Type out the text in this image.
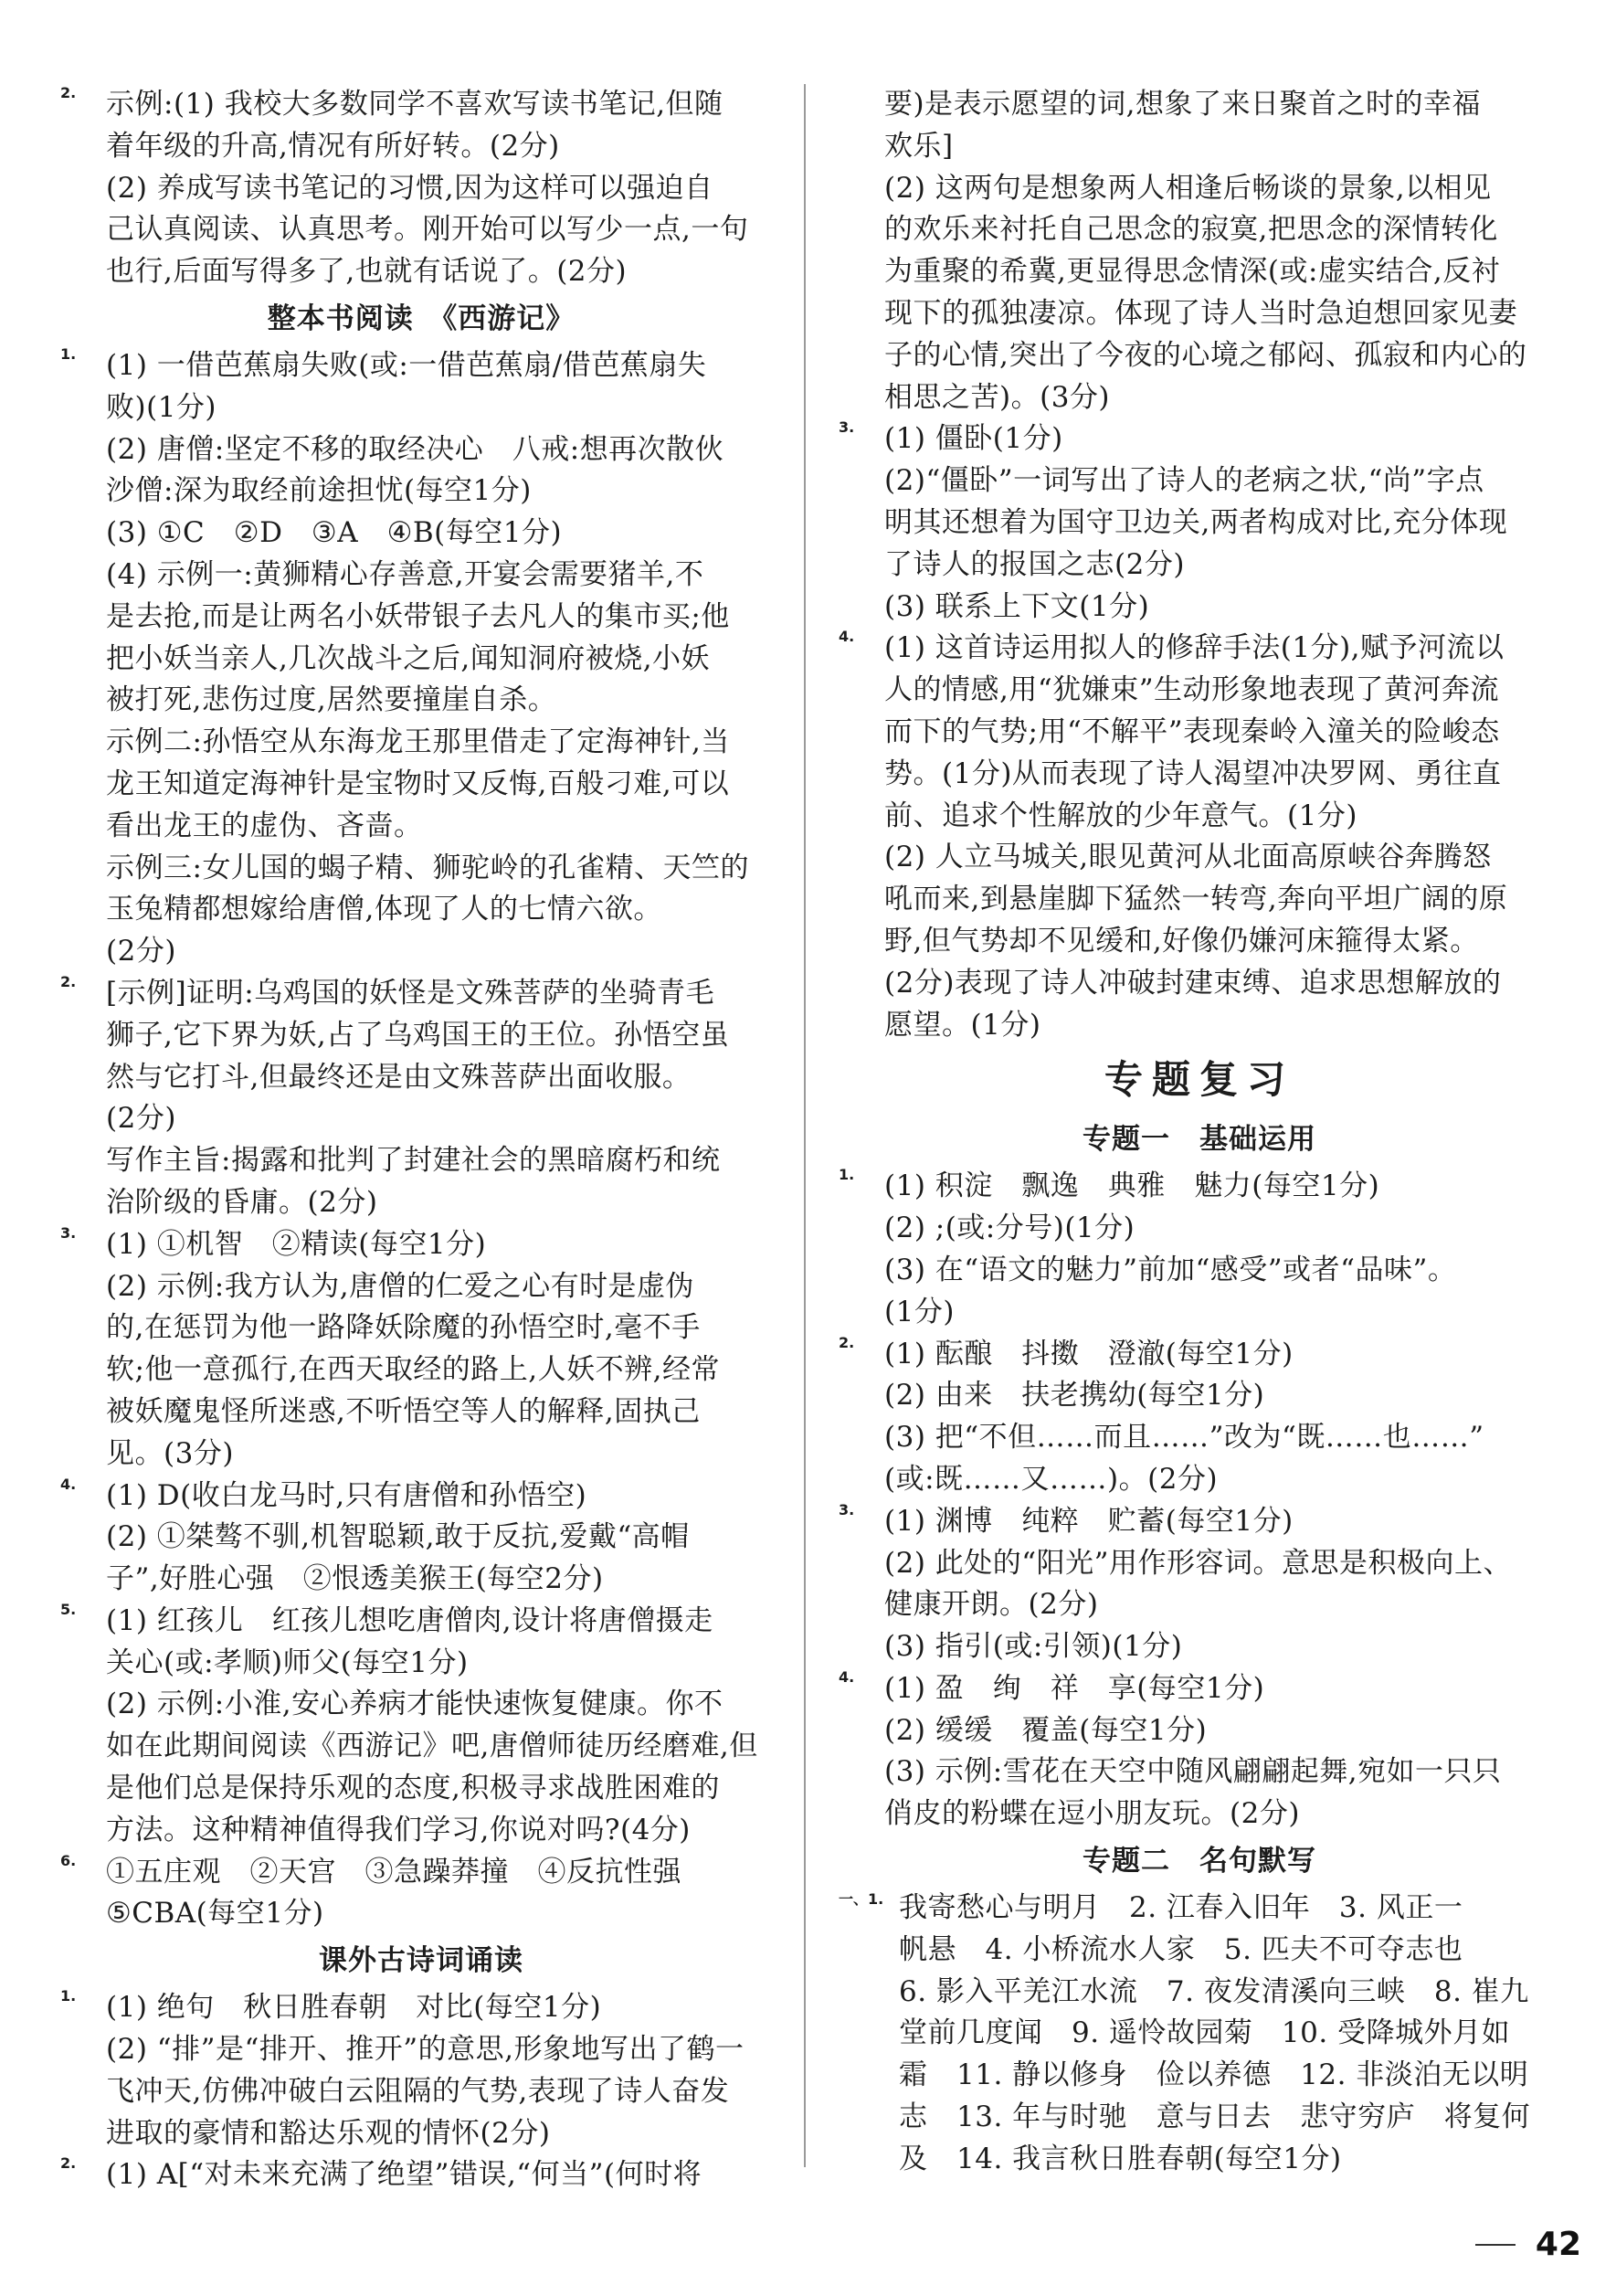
2.	示例:(1) 我校大多数同学不喜欢写读书笔记,但随
着年级的升高,情况有所好转。(2分)
(2) 养成写读书笔记的习惯,因为这样可以强迫自
己认真阅读、认真思考。刚开始可以写少一点,一句
也行,后面写得多了,也就有话说了。(2分)
整本书阅读　《西游记》
1.	(1) 一借芭蕉扇失败(或:一借芭蕉扇/借芭蕉扇失
败)(1分)
(2) 唐僧:坚定不移的取经决心　八戒:想再次散伙
沙僧:深为取经前途担忧(每空1分)
(3) ①C　②D　③A　④B(每空1分)
(4) 示例一:黄狮精心存善意,开宴会需要猪羊,不
是去抢,而是让两名小妖带银子去凡人的集市买;他
把小妖当亲人,几次战斗之后,闻知洞府被烧,小妖
被打死,悲伤过度,居然要撞崖自杀。
示例二:孙悟空从东海龙王那里借走了定海神针,当
龙王知道定海神针是宝物时又反悔,百般刁难,可以
看出龙王的虚伪、吝啬。
示例三:女儿国的蝎子精、狮驼岭的孔雀精、天竺的
玉兔精都想嫁给唐僧,体现了人的七情六欲。
(2分)
2.	[示例]证明:乌鸡国的妖怪是文殊菩萨的坐骑青毛
狮子,它下界为妖,占了乌鸡国王的王位。孙悟空虽
然与它打斗,但最终还是由文殊菩萨出面收服。
(2分)
写作主旨:揭露和批判了封建社会的黑暗腐朽和统
治阶级的昏庸。(2分)
3.	(1) ①机智　②精读(每空1分)
(2) 示例:我方认为,唐僧的仁爱之心有时是虚伪
的,在惩罚为他一路降妖除魔的孙悟空时,毫不手
软;他一意孤行,在西天取经的路上,人妖不辨,经常
被妖魔鬼怪所迷惑,不听悟空等人的解释,固执己
见。(3分)
4.	(1) D(收白龙马时,只有唐僧和孙悟空)
(2) ①桀骜不驯,机智聪颖,敢于反抗,爱戴“高帽
子”,好胜心强　②恨透美猴王(每空2分)
5.	(1) 红孩儿　红孩儿想吃唐僧肉,设计将唐僧摄走
关心(或:孝顺)师父(每空1分)
(2) 示例:小淮,安心养病才能快速恢复健康。你不
如在此期间阅读《西游记》吧,唐僧师徒历经磨难,但
是他们总是保持乐观的态度,积极寻求战胜困难的
方法。这种精神值得我们学习,你说对吗?(4分)
6.	①五庄观　②天宫　③急躁莽撞　④反抗性强
⑤CBA(每空1分)
课外古诗词诵读
1.	(1) 绝句　秋日胜春朝　对比(每空1分)
(2) “排”是“排开、推开”的意思,形象地写出了鹤一
飞冲天,仿佛冲破白云阻隔的气势,表现了诗人奋发
进取的豪情和豁达乐观的情怀(2分)
2.	(1) A[“对未来充满了绝望”错误,“何当”(何时将
要)是表示愿望的词,想象了来日聚首之时的幸福
欢乐]
(2) 这两句是想象两人相逢后畅谈的景象,以相见
的欢乐来衬托自己思念的寂寞,把思念的深情转化
为重聚的希冀,更显得思念情深(或:虚实结合,反衬
现下的孤独凄凉。体现了诗人当时急迫想回家见妻
子的心情,突出了今夜的心境之郁闷、孤寂和内心的
相思之苦)。(3分)
3.	(1) 僵卧(1分)
(2)“僵卧”一词写出了诗人的老病之状,“尚”字点
明其还想着为国守卫边关,两者构成对比,充分体现
了诗人的报国之志(2分)
(3) 联系上下文(1分)
4.	(1) 这首诗运用拟人的修辞手法(1分),赋予河流以
人的情感,用“犹嫌束”生动形象地表现了黄河奔流
而下的气势;用“不解平”表现秦岭入潼关的险峻态
势。(1分)从而表现了诗人渴望冲决罗网、勇往直
前、追求个性解放的少年意气。(1分)
(2) 人立马城关,眼见黄河从北面高原峡谷奔腾怒
吼而来,到悬崖脚下猛然一转弯,奔向平坦广阔的原
野,但气势却不见缓和,好像仍嫌河床箍得太紧。
(2分)表现了诗人冲破封建束缚、追求思想解放的
愿望。(1分)
专题复习
专题一　基础运用
1.	(1) 积淀　飘逸　典雅　魅力(每空1分)
(2) ;(或:分号)(1分)
(3) 在“语文的魅力”前加“感受”或者“品味”。
(1分)
2.	(1) 酝酿　抖擞　澄澈(每空1分)
(2) 由来　扶老携幼(每空1分)
(3) 把“不但……而且……”改为“既……也……”
(或:既……又……)。(2分)
3.	(1) 渊博　纯粹　贮蓄(每空1分)
(2) 此处的“阳光”用作形容词。意思是积极向上、
健康开朗。(2分)
(3) 指引(或:引领)(1分)
4.	(1) 盈　绚　祥　享(每空1分)
(2) 缓缓　覆盖(每空1分)
(3) 示例:雪花在天空中随风翩翩起舞,宛如一只只
俏皮的粉蝶在逗小朋友玩。(2分)
专题二　名句默写
一、1. 我寄愁心与明月　2. 江春入旧年　3. 风正一
帆悬　4. 小桥流水人家　5. 匹夫不可夺志也
6. 影入平羌江水流　7. 夜发清溪向三峡　8. 崔九
堂前几度闻　9. 遥怜故园菊　10. 受降城外月如
霜　11. 静以修身　俭以养德　12. 非淡泊无以明
志　13. 年与时驰　意与日去　悲守穷庐　将复何
及　14. 我言秋日胜春朝(每空1分)
42
